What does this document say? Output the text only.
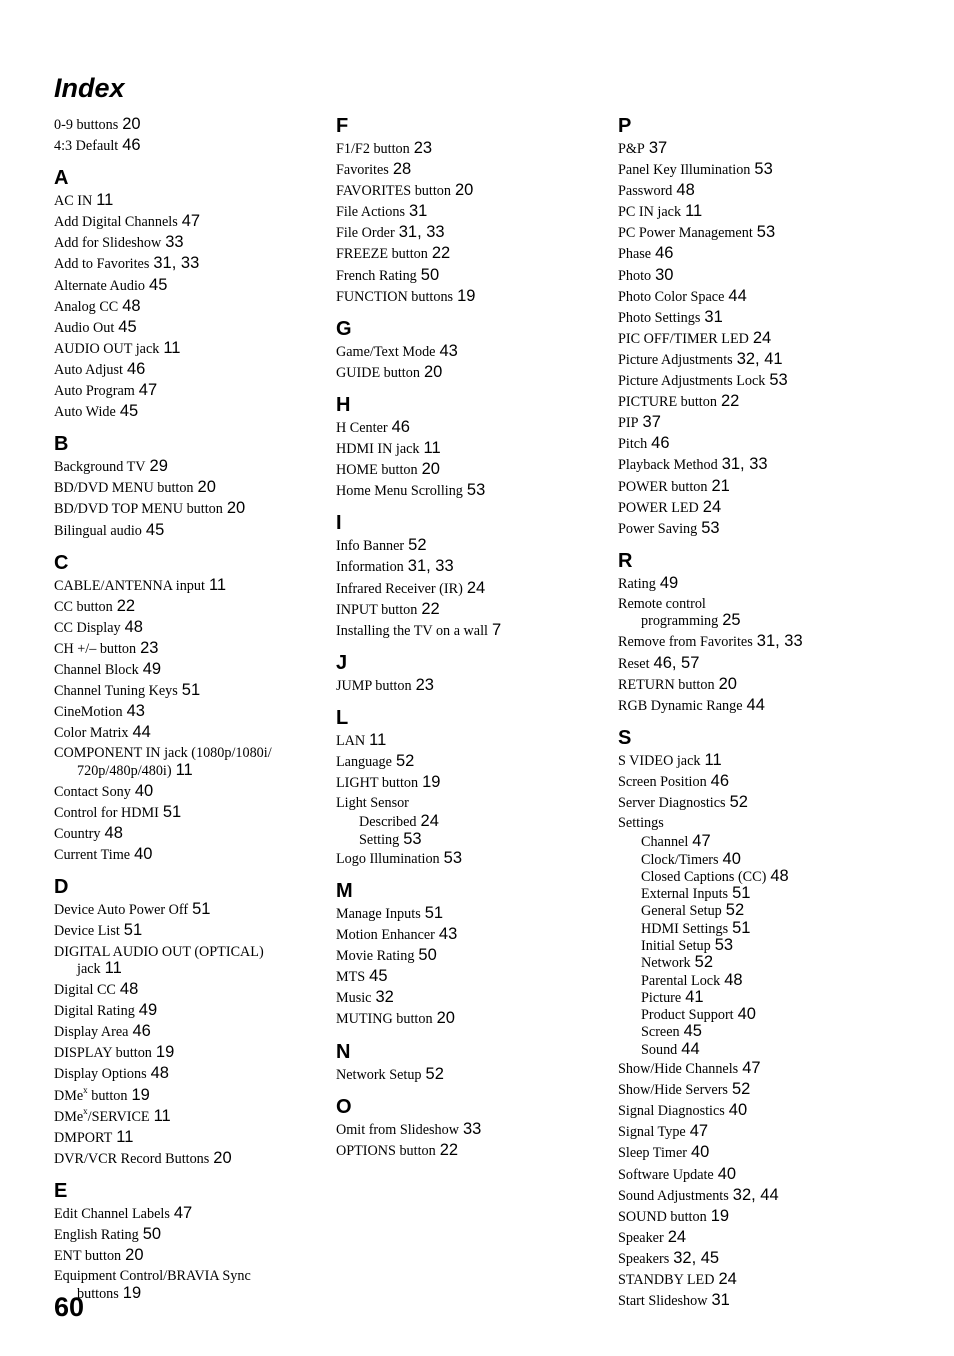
Index
0-9 buttons 20
4:3 Default 46
A
AC IN 11
Add Digital Channels 47
Add for Slideshow 33
Add to Favorites 31, 33
Alternate Audio 45
Analog CC 48
Audio Out 45
AUDIO OUT jack 11
Auto Adjust 46
Auto Program 47
Auto Wide 45
B
Background TV 29
BD/DVD MENU button 20
BD/DVD TOP MENU button 20
Bilingual audio 45
C
CABLE/ANTENNA input 11
CC button 22
CC Display 48
CH +/– button 23
Channel Block 49
Channel Tuning Keys 51
CineMotion 43
Color Matrix 44
COMPONENT IN jack (1080p/1080i/
720p/480p/480i) 11
Contact Sony 40
Control for HDMI 51
Country 48
Current Time 40
D
Device Auto Power Off 51
Device List 51
DIGITAL AUDIO OUT (OPTICAL)
jack 11
Digital CC 48
Digital Rating 49
Display Area 46
DISPLAY button 19
Display Options 48
DMe$^x$ button 19
DMe$^x$/SERVICE 11
DMPORT 11
DVR/VCR Record Buttons 20
E
Edit Channel Labels 47
English Rating 50
ENT button 20
Equipment Control/BRAVIA Sync
buttons 19
F
F1/F2 button 23
Favorites 28
FAVORITES button 20
File Actions 31
File Order 31, 33
FREEZE button 22
French Rating 50
FUNCTION buttons 19
G
Game/Text Mode 43
GUIDE button 20
H
H Center 46
HDMI IN jack 11
HOME button 20
Home Menu Scrolling 53
I
Info Banner 52
Information 31, 33
Infrared Receiver (IR) 24
INPUT button 22
Installing the TV on a wall 7
J
JUMP button 23
L
LAN 11
Language 52
LIGHT button 19
Light Sensor
Described 24
Setting 53
Logo Illumination 53
M
Manage Inputs 51
Motion Enhancer 43
Movie Rating 50
MTS 45
Music 32
MUTING button 20
N
Network Setup 52
O
Omit from Slideshow 33
OPTIONS button 22
P
P&P 37
Panel Key Illumination 53
Password 48
PC IN jack 11
PC Power Management 53
Phase 46
Photo 30
Photo Color Space 44
Photo Settings 31
PIC OFF/TIMER LED 24
Picture Adjustments 32, 41
Picture Adjustments Lock 53
PICTURE button 22
PIP 37
Pitch 46
Playback Method 31, 33
POWER button 21
POWER LED 24
Power Saving 53
R
Rating 49
Remote control
programming 25
Remove from Favorites 31, 33
Reset 46, 57
RETURN button 20
RGB Dynamic Range 44
S
S VIDEO jack 11
Screen Position 46
Server Diagnostics 52
Settings
Channel 47
Clock/Timers 40
Closed Captions (CC) 48
External Inputs 51
General Setup 52
HDMI Settings 51
Initial Setup 53
Network 52
Parental Lock 48
Picture 41
Product Support 40
Screen 45
Sound 44
Show/Hide Channels 47
Show/Hide Servers 52
Signal Diagnostics 40
Signal Type 47
Sleep Timer 40
Software Update 40
Sound Adjustments 32, 44
SOUND button 19
Speaker 24
Speakers 32, 45
STANDBY LED 24
Start Slideshow 31
60
